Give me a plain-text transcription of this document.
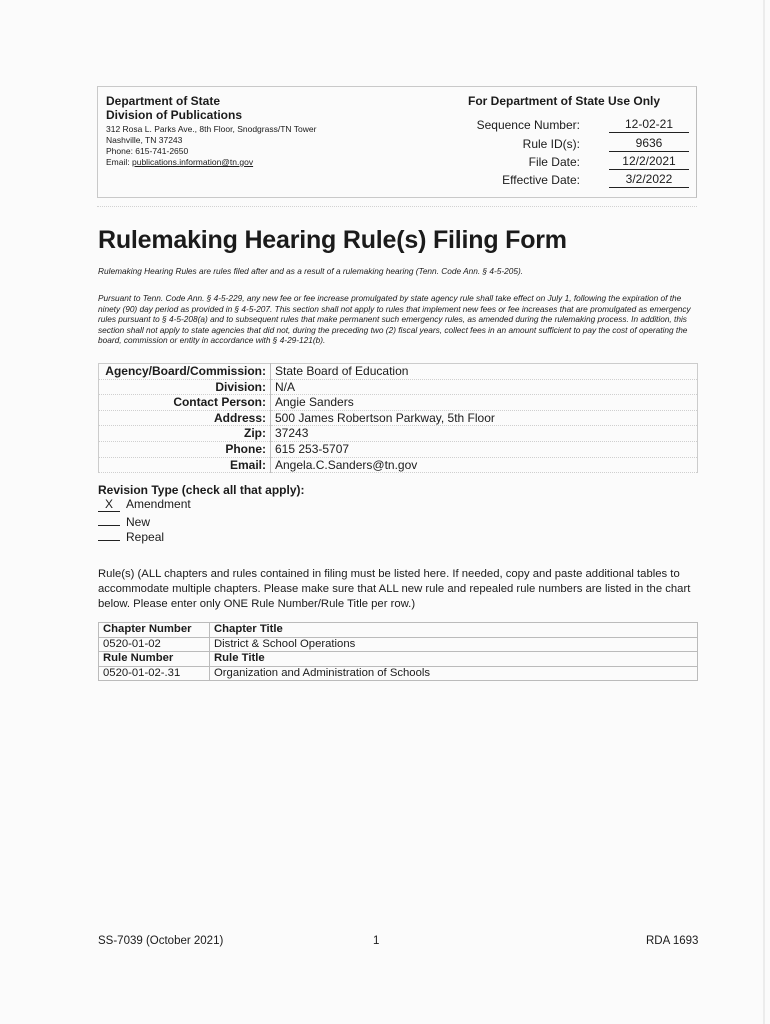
Department of State
Division of Publications
312 Rosa L. Parks Ave., 8th Floor, Snodgrass/TN Tower
Nashville, TN 37243
Phone: 615-741-2650
Email: publications.information@tn.gov
For Department of State Use Only
Sequence Number:	12-02-21
Rule ID(s):	9636
File Date:	12/2/2021
Effective Date:	3/2/2022
Rulemaking Hearing Rule(s) Filing Form
Rulemaking Hearing Rules are rules filed after and as a result of a rulemaking hearing (Tenn. Code Ann. § 4-5-205).
Pursuant to Tenn. Code Ann. § 4-5-229, any new fee or fee increase promulgated by state agency rule shall take effect on July 1, following the expiration of the ninety (90) day period as provided in § 4-5-207. This section shall not apply to rules that implement new fees or fee increases that are promulgated as emergency rules pursuant to § 4-5-208(a) and to subsequent rules that make permanent such emergency rules, as amended during the rulemaking process. In addition, this section shall not apply to state agencies that did not, during the preceding two (2) fiscal years, collect fees in an amount sufficient to pay the cost of operating the board, commission or entity in accordance with § 4-29-121(b).
Agency/Board/Commission:	State Board of Education
Division:	N/A
Contact Person:	Angie Sanders
Address:	500 James Robertson Parkway, 5th Floor
Zip:	37243
Phone:	615 253-5707
Email:	Angela.C.Sanders@tn.gov
Revision Type (check all that apply):
X Amendment
New
Repeal
Rule(s) (ALL chapters and rules contained in filing must be listed here. If needed, copy and paste additional tables to accommodate multiple chapters. Please make sure that ALL new rule and repealed rule numbers are listed in the chart below. Please enter only ONE Rule Number/Rule Title per row.)
Chapter Number	Chapter Title
0520-01-02	District & School Operations
Rule Number	Rule Title
0520-01-02-.31	Organization and Administration of Schools
SS-7039 (October 2021)	1	RDA 1693
